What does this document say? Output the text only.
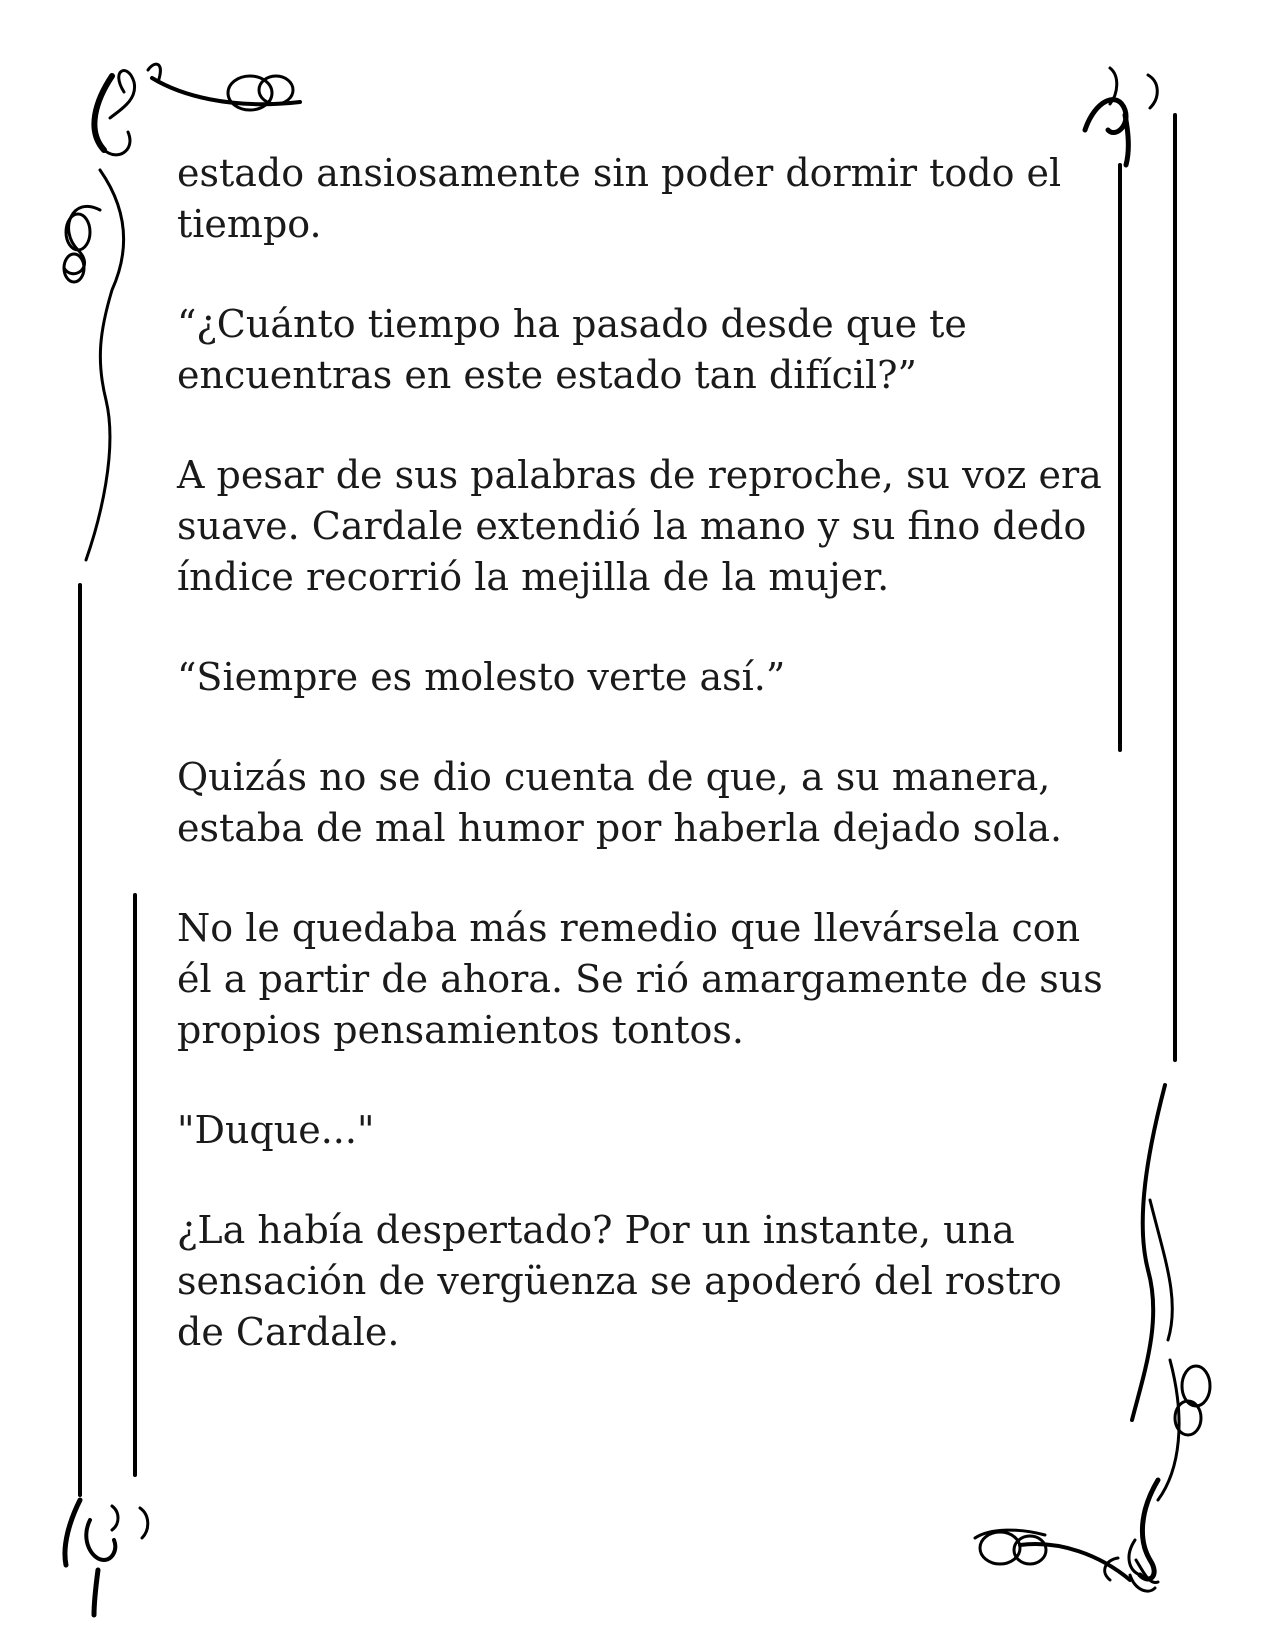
estado ansiosamente sin poder dormir todo el tiempo.

“¿Cuánto tiempo ha pasado desde que te encuentras en este estado tan difícil?”

A pesar de sus palabras de reproche, su voz era suave. Cardale extendió la mano y su fino dedo índice recorrió la mejilla de la mujer.

“Siempre es molesto verte así.”

Quizás no se dio cuenta de que, a su manera, estaba de mal humor por haberla dejado sola.

No le quedaba más remedio que llevársela con él a partir de ahora. Se rió amargamente de sus propios pensamientos tontos.

"Duque..."

¿La había despertado? Por un instante, una sensación de vergüenza se apoderó del rostro de Cardale.
